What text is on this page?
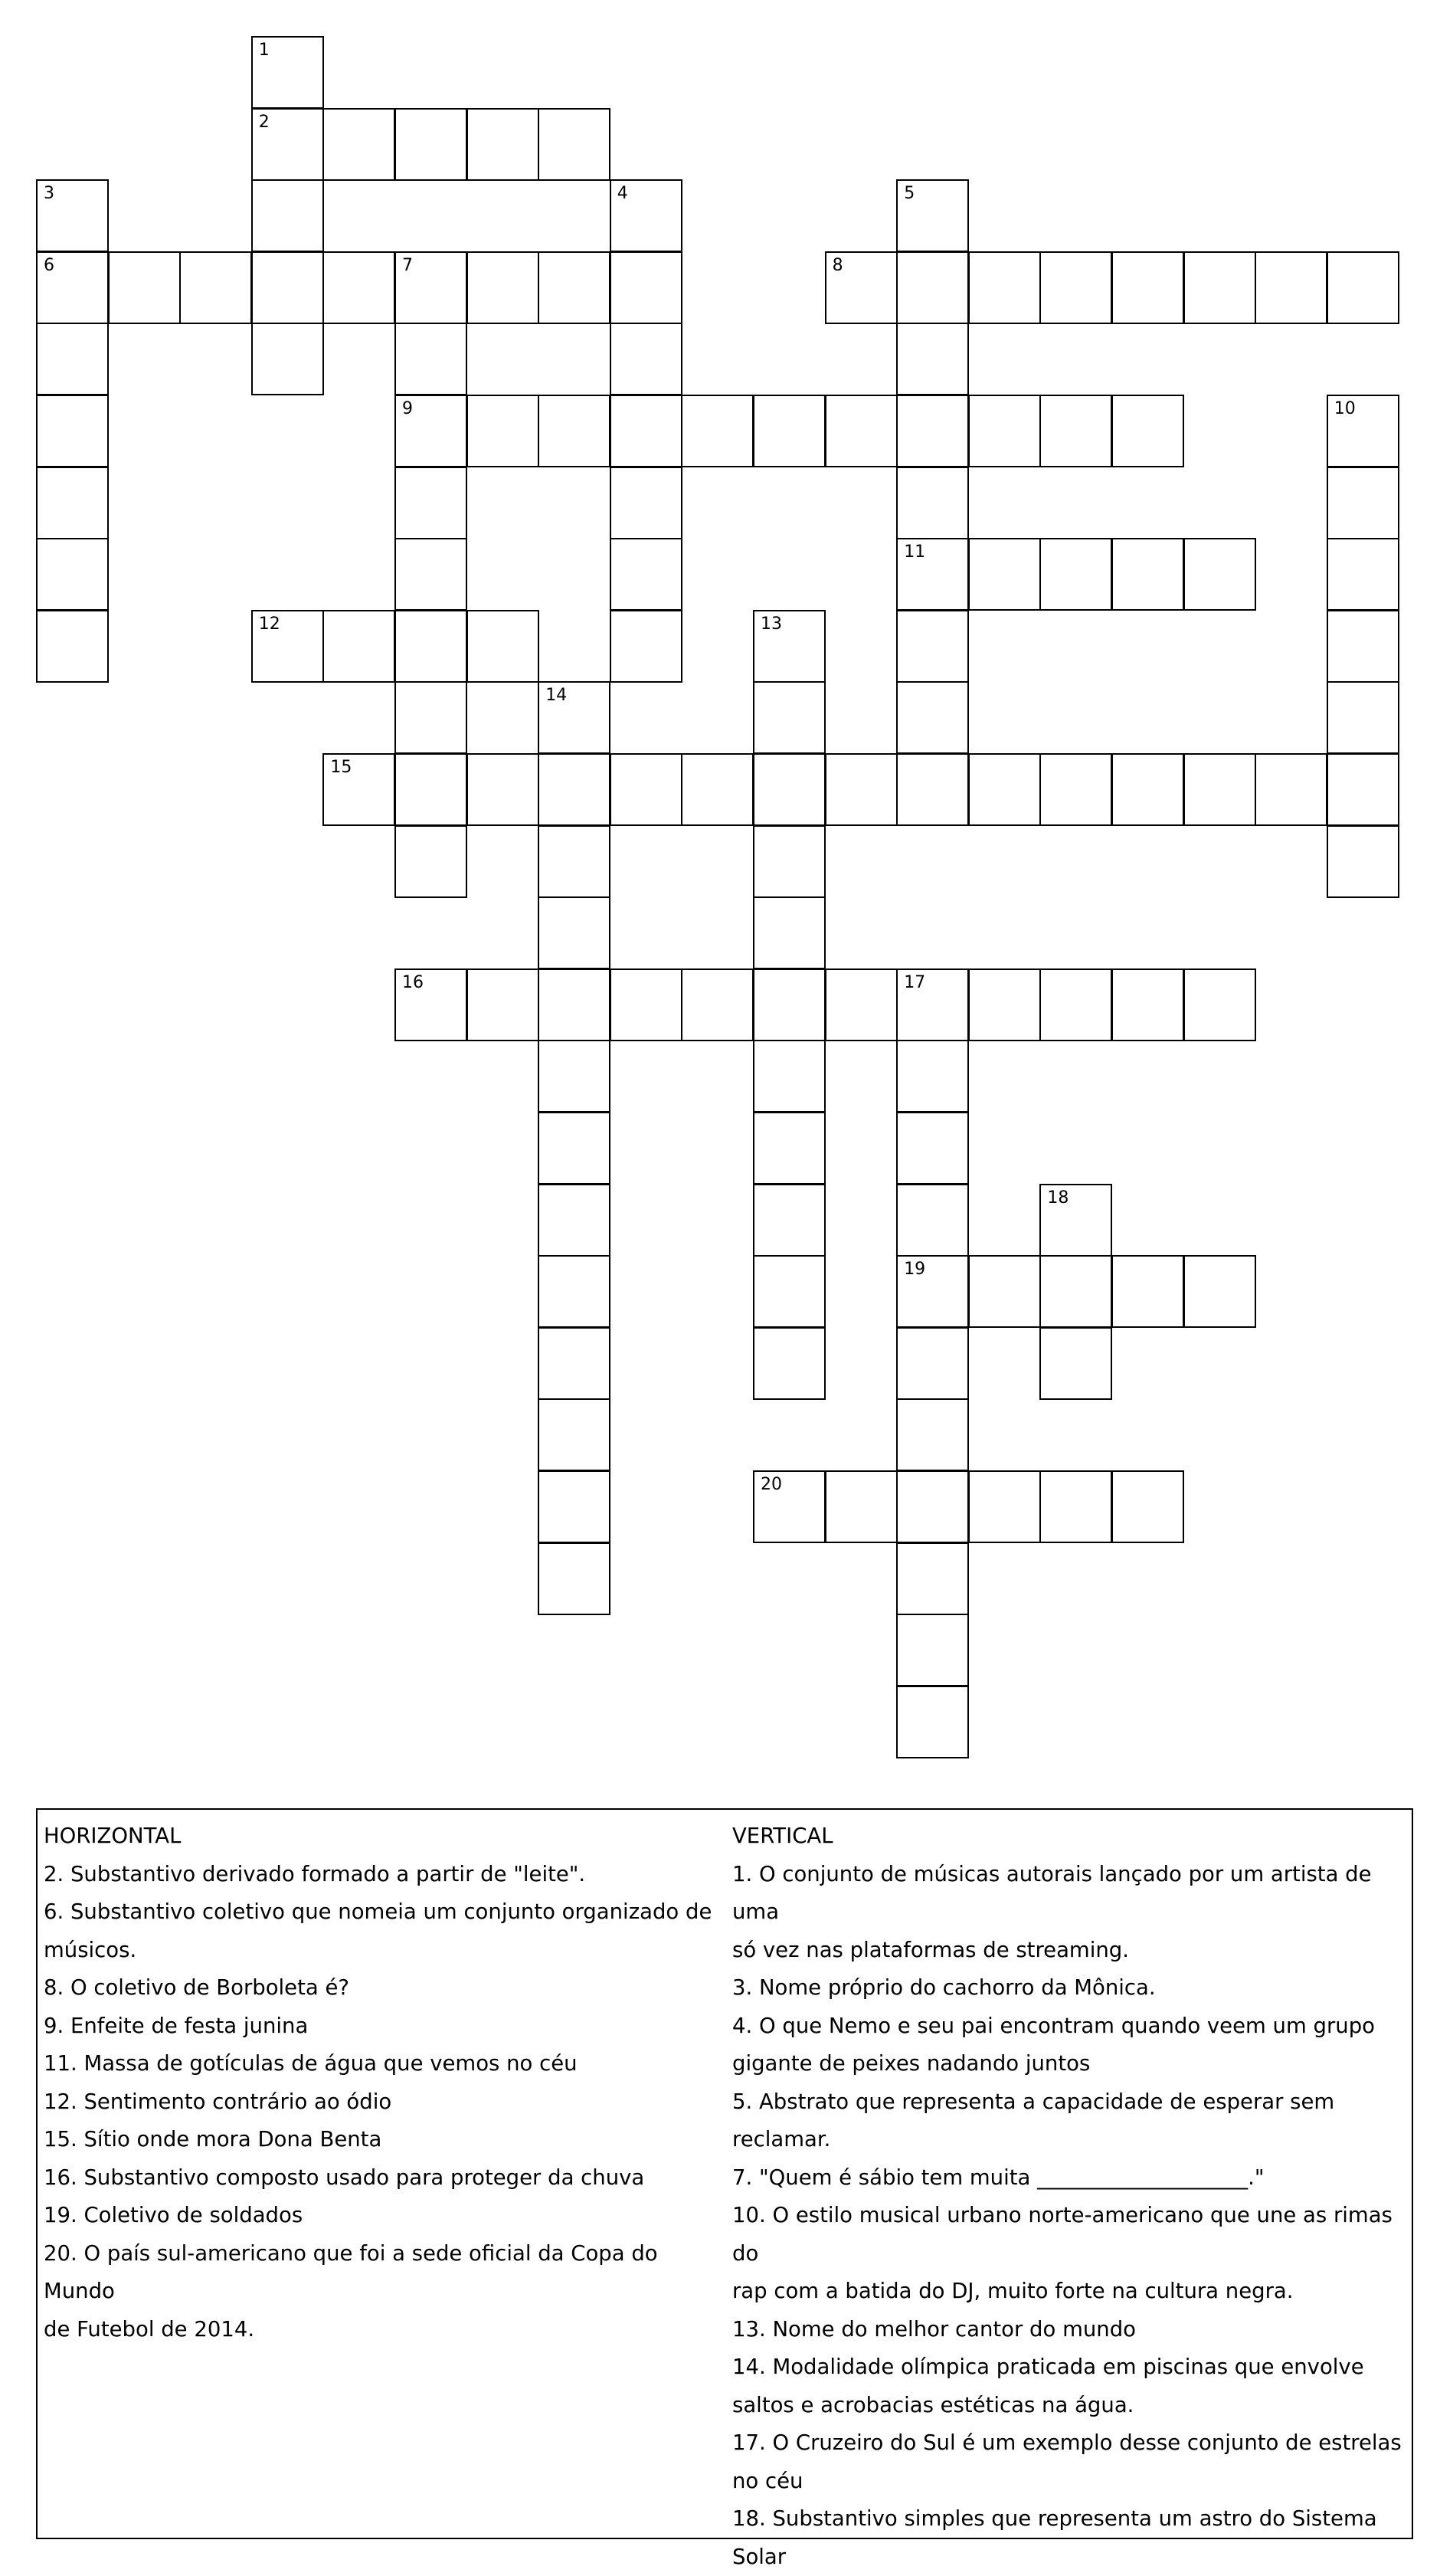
1
2
3
6
4	5
11
7
9
8
10
12	13
14
15
16	17
19
18
20
HORIZONTAL
2. Substantivo derivado formado a partir de "leite".
6. Substantivo coletivo que nomeia um conjunto organizado de
músicos.
8. O coletivo de Borboleta é?
9. Enfeite de festa junina
11. Massa de gotículas de água que vemos no céu
12. Sentimento contrário ao ódio
15. Sítio onde mora Dona Benta
16. Substantivo composto usado para proteger da chuva
19. Coletivo de soldados
20. O país sul-americano que foi a sede oficial da Copa do Mundo
de Futebol de 2014.
VERTICAL
1. O conjunto de músicas autorais lançado por um artista de uma
só vez nas plataformas de streaming.
3. Nome próprio do cachorro da Mônica.
4. O que Nemo e seu pai encontram quando veem um grupo
gigante de peixes nadando juntos
5. Abstrato que representa a capacidade de esperar sem
reclamar.
7. "Quem é sábio tem muita ____________________."
10. O estilo musical urbano norte-americano que une as rimas do
rap com a batida do DJ, muito forte na cultura negra.
13. Nome do melhor cantor do mundo
14. Modalidade olímpica praticada em piscinas que envolve
saltos e acrobacias estéticas na água.
17. O Cruzeiro do Sul é um exemplo desse conjunto de estrelas
no céu
18. Substantivo simples que representa um astro do Sistema
Solar
